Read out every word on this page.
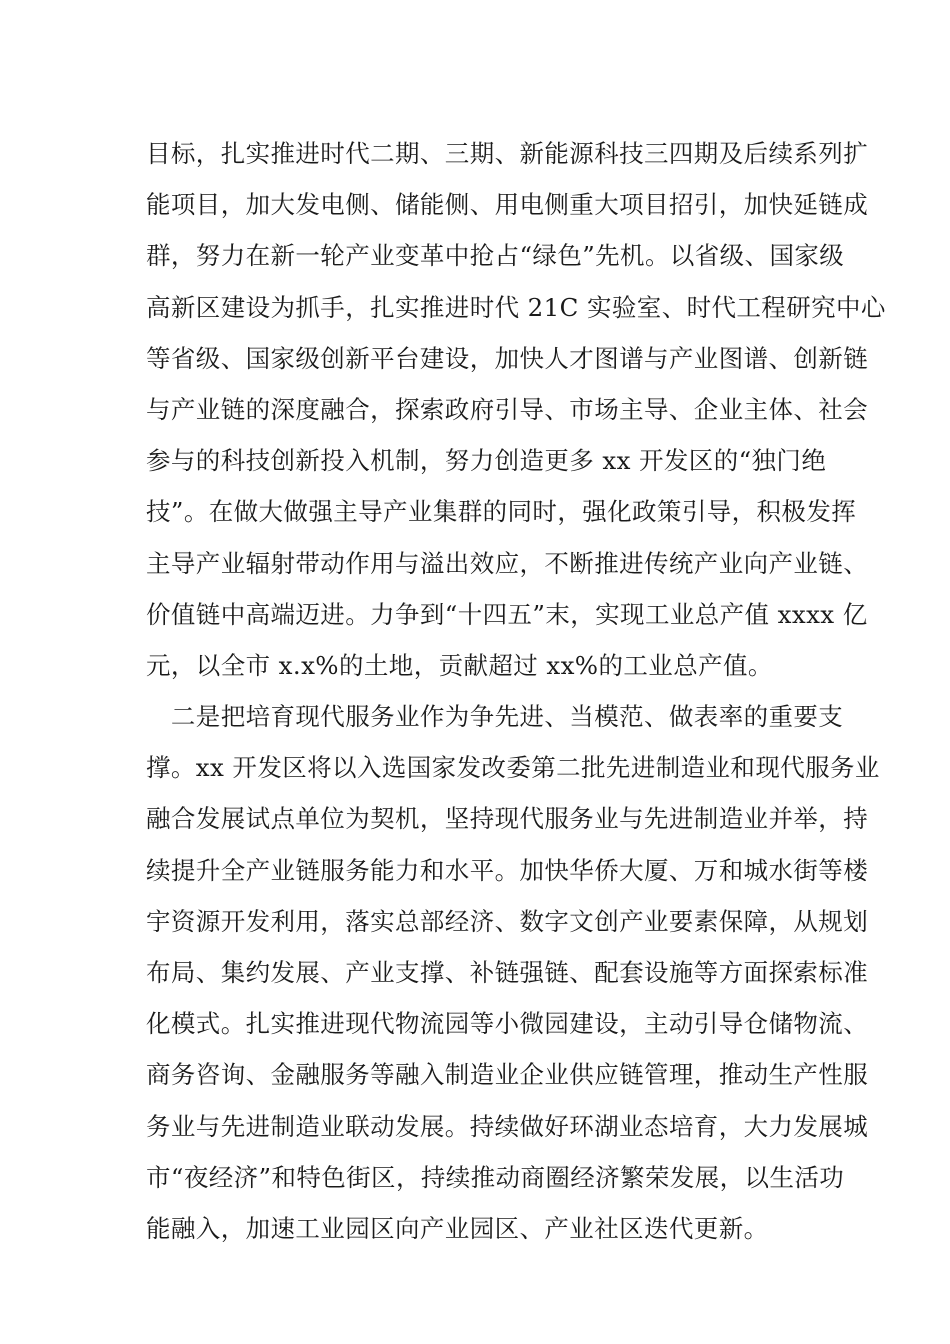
目标，扎实推进时代二期、三期、新能源科技三四期及后续系列扩
能项目，加大发电侧、储能侧、用电侧重大项目招引，加快延链成
群，努力在新一轮产业变革中抢占“绿色”先机。以省级、国家级
高新区建设为抓手，扎实推进时代 21C 实验室、时代工程研究中心
等省级、国家级创新平台建设，加快人才图谱与产业图谱、创新链
与产业链的深度融合，探索政府引导、市场主导、企业主体、社会
参与的科技创新投入机制，努力创造更多 xx 开发区的“独门绝
技”。在做大做强主导产业集群的同时，强化政策引导，积极发挥
主导产业辐射带动作用与溢出效应，不断推进传统产业向产业链、
价值链中高端迈进。力争到“十四五”末，实现工业总产值 xxxx 亿
元，以全市 x.x%的土地，贡献超过 xx%的工业总产值。
　二是把培育现代服务业作为争先进、当模范、做表率的重要支
撑。xx 开发区将以入选国家发改委第二批先进制造业和现代服务业
融合发展试点单位为契机，坚持现代服务业与先进制造业并举，持
续提升全产业链服务能力和水平。加快华侨大厦、万和城水街等楼
宇资源开发利用，落实总部经济、数字文创产业要素保障，从规划
布局、集约发展、产业支撑、补链强链、配套设施等方面探索标准
化模式。扎实推进现代物流园等小微园建设，主动引导仓储物流、
商务咨询、金融服务等融入制造业企业供应链管理，推动生产性服
务业与先进制造业联动发展。持续做好环湖业态培育，大力发展城
市“夜经济”和特色街区，持续推动商圈经济繁荣发展，以生活功
能融入，加速工业园区向产业园区、产业社区迭代更新。
